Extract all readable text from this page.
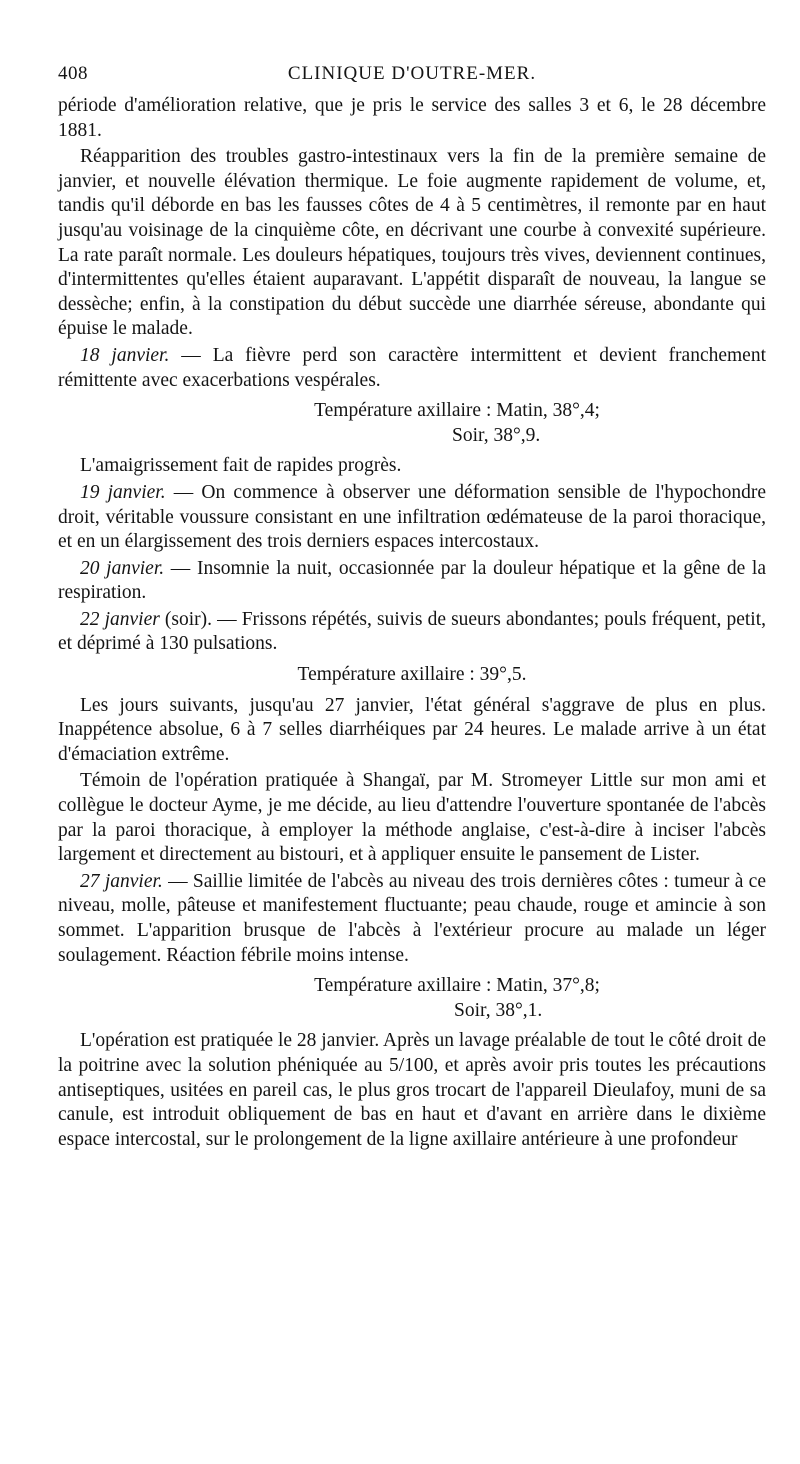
408	CLINIQUE D'OUTRE-MER.

période d'amélioration relative, que je pris le service des salles 3 et 6, le 28 décembre 1881.

Réapparition des troubles gastro-intestinaux vers la fin de la première semaine de janvier, et nouvelle élévation thermique. Le foie augmente rapidement de volume, et, tandis qu'il déborde en bas les fausses côtes de 4 à 5 centimètres, il remonte par en haut jusqu'au voisinage de la cinquième côte, en décrivant une courbe à convexité supérieure. La rate paraît normale. Les douleurs hépatiques, toujours très vives, deviennent continues, d'intermittentes qu'elles étaient auparavant. L'appétit disparaît de nouveau, la langue se dessèche; enfin, à la constipation du début succède une diarrhée séreuse, abondante qui épuise le malade.

18 janvier. — La fièvre perd son caractère intermittent et devient franchement rémittente avec exacerbations vespérales.

Température axillaire : Matin, 38°,4;

Soir, 38°,9.

L'amaigrissement fait de rapides progrès.

19 janvier. — On commence à observer une déformation sensible de l'hypochondre droit, véritable voussure consistant en une infiltration œdémateuse de la paroi thoracique, et en un élargissement des trois derniers espaces intercostaux.

20 janvier. — Insomnie la nuit, occasionnée par la douleur hépatique et la gêne de la respiration.

22 janvier (soir). — Frissons répétés, suivis de sueurs abondantes; pouls fréquent, petit, et déprimé à 130 pulsations.

Température axillaire : 39°,5.

Les jours suivants, jusqu'au 27 janvier, l'état général s'aggrave de plus en plus. Inappétence absolue, 6 à 7 selles diarrhéiques par 24 heures. Le malade arrive à un état d'émaciation extrême.

Témoin de l'opération pratiquée à Shangaï, par M. Stromeyer Little sur mon ami et collègue le docteur Ayme, je me décide, au lieu d'attendre l'ouverture spontanée de l'abcès par la paroi thoracique, à employer la méthode anglaise, c'est-à-dire à inciser l'abcès largement et directement au bistouri, et à appliquer ensuite le pansement de Lister.

27 janvier. — Saillie limitée de l'abcès au niveau des trois dernières côtes : tumeur à ce niveau, molle, pâteuse et manifestement fluctuante; peau chaude, rouge et amincie à son sommet. L'apparition brusque de l'abcès à l'extérieur procure au malade un léger soulagement. Réaction fébrile moins intense.

Température axillaire : Matin, 37°,8;

Soir, 38°,1.

L'opération est pratiquée le 28 janvier. Après un lavage préalable de tout le côté droit de la poitrine avec la solution phéniquée au 5/100, et après avoir pris toutes les précautions antiseptiques, usitées en pareil cas, le plus gros trocart de l'appareil Dieulafoy, muni de sa canule, est introduit obliquement de bas en haut et d'avant en arrière dans le dixième espace intercostal, sur le prolongement de la ligne axillaire antérieure à une profondeur
